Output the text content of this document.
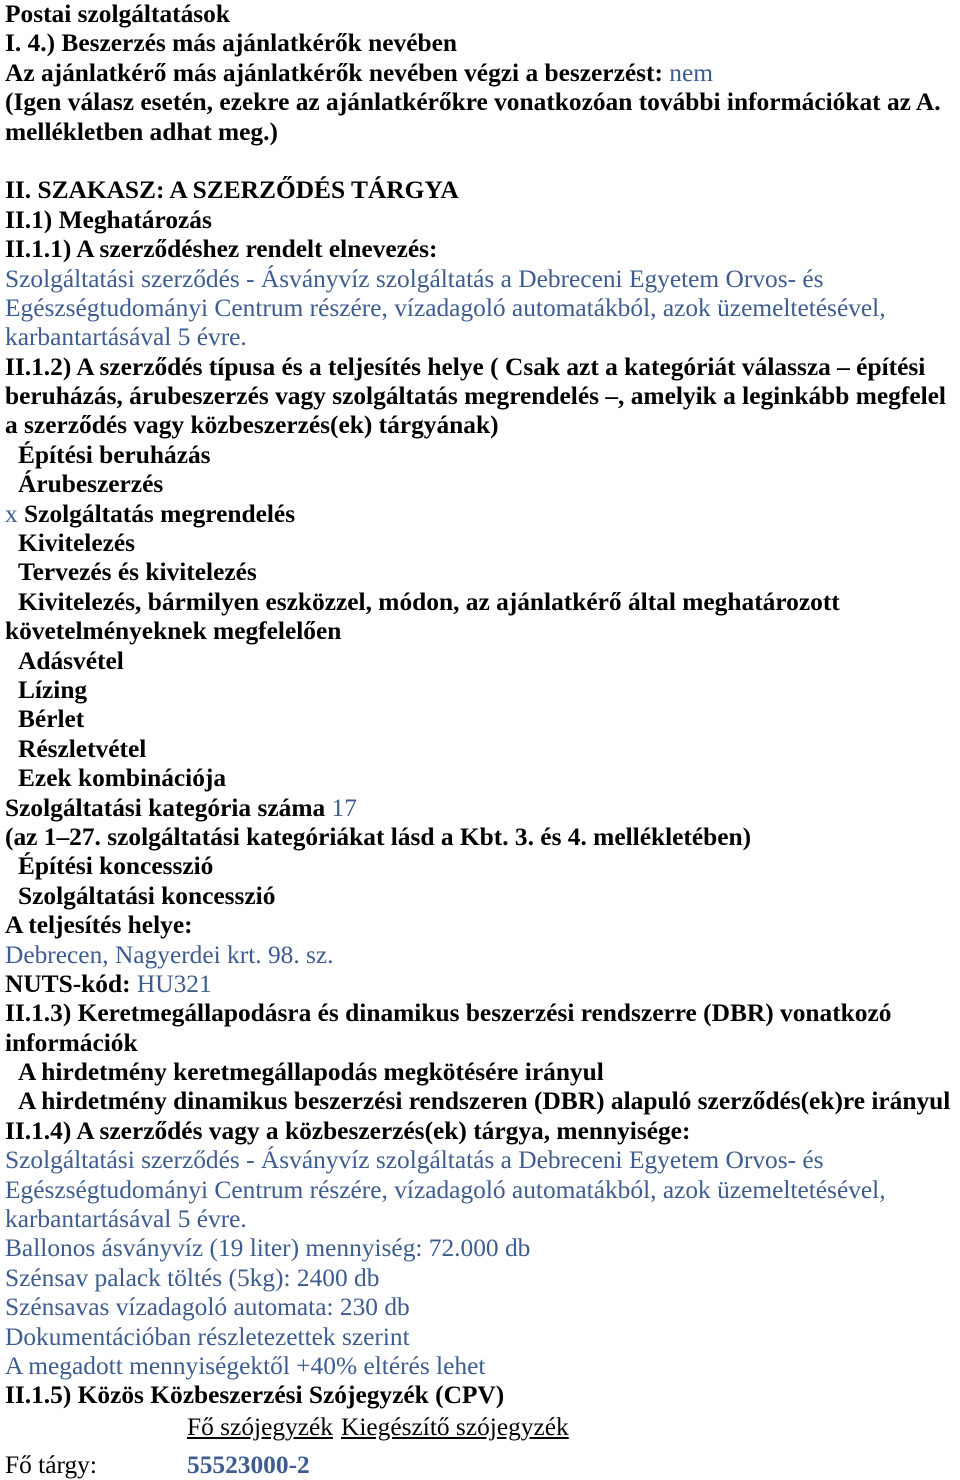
Postai szolgáltatások
I. 4.) Beszerzés más ajánlatkérők nevében
Az ajánlatkérő más ajánlatkérők nevében végzi a beszerzést: nem
(Igen válasz esetén, ezekre az ajánlatkérőkre vonatkozóan további információkat az A.
mellékletben adhat meg.)
II. SZAKASZ: A SZERZŐDÉS TÁRGYA
II.1) Meghatározás
II.1.1) A szerződéshez rendelt elnevezés:
Szolgáltatási szerződés - Ásványvíz szolgáltatás a Debreceni Egyetem Orvos- és
Egészségtudományi Centrum részére, vízadagoló automatákból, azok üzemeltetésével,
karbantartásával 5 évre.
II.1.2) A szerződés típusa és a teljesítés helye ( Csak azt a kategóriát válassza – építési
beruházás, árubeszerzés vagy szolgáltatás megrendelés –, amelyik a leginkább megfelel
a szerződés vagy közbeszerzés(ek) tárgyának)
Építési beruházás
Árubeszerzés
x Szolgáltatás megrendelés
Kivitelezés
Tervezés és kivitelezés
Kivitelezés, bármilyen eszközzel, módon, az ajánlatkérő által meghatározott
követelményeknek megfelelően
Adásvétel
Lízing
Bérlet
Részletvétel
Ezek kombinációja
Szolgáltatási kategória száma 17
(az 1–27. szolgáltatási kategóriákat lásd a Kbt. 3. és 4. mellékletében)
Építési koncesszió
Szolgáltatási koncesszió
A teljesítés helye:
Debrecen, Nagyerdei krt. 98. sz.
NUTS-kód: HU321
II.1.3) Keretmegállapodásra és dinamikus beszerzési rendszerre (DBR) vonatkozó
információk
A hirdetmény keretmegállapodás megkötésére irányul
A hirdetmény dinamikus beszerzési rendszeren (DBR) alapuló szerződés(ek)re irányul
II.1.4) A szerződés vagy a közbeszerzés(ek) tárgya, mennyisége:
Szolgáltatási szerződés - Ásványvíz szolgáltatás a Debreceni Egyetem Orvos- és
Egészségtudományi Centrum részére, vízadagoló automatákból, azok üzemeltetésével,
karbantartásával 5 évre.
Ballonos ásványvíz (19 liter) mennyiség: 72.000 db
Szénsav palack töltés (5kg): 2400 db
Szénsavas vízadagoló automata: 230 db
Dokumentációban részletezettek szerint
A megadott mennyiségektől +40% eltérés lehet
II.1.5) Közös Közbeszerzési Szójegyzék (CPV)
Fő szójegyzék Kiegészítő szójegyzék
Fő tárgy:	55523000-2
